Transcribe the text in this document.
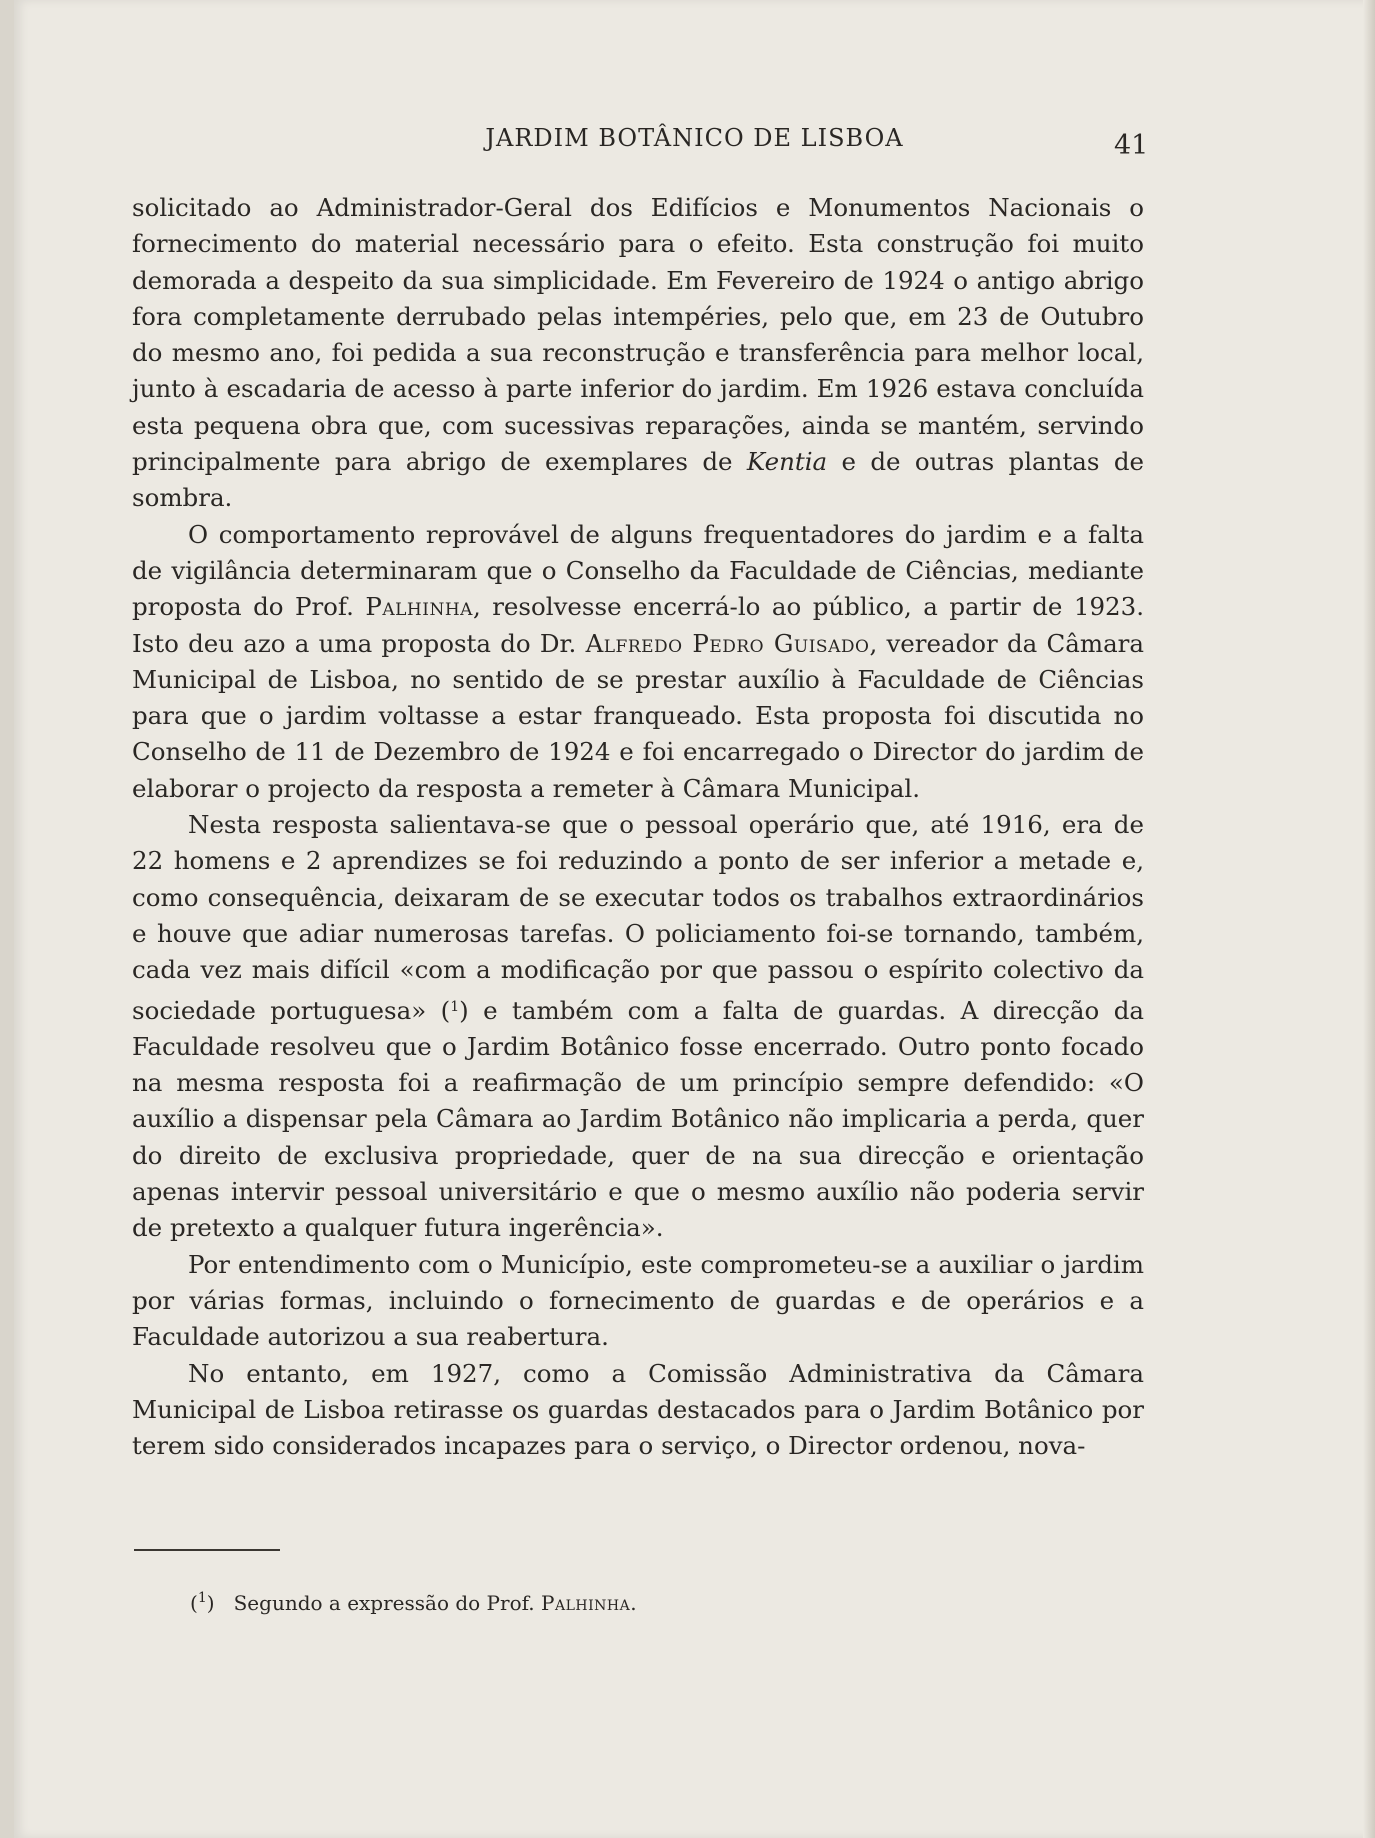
JARDIM BOTÂNICO DE LISBOA	41

solicitado ao Administrador-Geral dos Edifícios e Monumentos Nacionais o fornecimento do material necessário para o efeito. Esta construção foi muito demorada a despeito da sua simplicidade. Em Fevereiro de 1924 o antigo abrigo fora completamente derrubado pelas intempéries, pelo que, em 23 de Outubro do mesmo ano, foi pedida a sua reconstrução e transferência para melhor local, junto à escadaria de acesso à parte inferior do jardim. Em 1926 estava concluída esta pequena obra que, com sucessivas reparações, ainda se mantém, servindo principalmente para abrigo de exemplares de Kentia e de outras plantas de sombra.

O comportamento reprovável de alguns frequentadores do jardim e a falta de vigilância determinaram que o Conselho da Faculdade de Ciências, mediante proposta do Prof. Palhinha, resolvesse encerrá-lo ao público, a partir de 1923. Isto deu azo a uma proposta do Dr. Alfredo Pedro Guisado, vereador da Câmara Municipal de Lisboa, no sentido de se prestar auxílio à Faculdade de Ciências para que o jardim voltasse a estar franqueado. Esta proposta foi discutida no Conselho de 11 de Dezembro de 1924 e foi encarregado o Director do jardim de elaborar o projecto da resposta a remeter à Câmara Municipal.

Nesta resposta salientava-se que o pessoal operário que, até 1916, era de 22 homens e 2 aprendizes se foi reduzindo a ponto de ser inferior a metade e, como consequência, deixaram de se executar todos os trabalhos extraordinários e houve que adiar numerosas tarefas. O policiamento foi-se tornando, também, cada vez mais difícil «com a modificação por que passou o espírito colectivo da sociedade portuguesa» ($^1$) e também com a falta de guardas. A direcção da Faculdade resolveu que o Jardim Botânico fosse encerrado. Outro ponto focado na mesma resposta foi a reafirmação de um princípio sempre defendido: «O auxílio a dispensar pela Câmara ao Jardim Botânico não implicaria a perda, quer do direito de exclusiva propriedade, quer de na sua direcção e orientação apenas intervir pessoal universitário e que o mesmo auxílio não poderia servir de pretexto a qualquer futura ingerência».

Por entendimento com o Município, este comprometeu-se a auxiliar o jardim por várias formas, incluindo o fornecimento de guardas e de operários e a Faculdade autorizou a sua reabertura.

No entanto, em 1927, como a Comissão Administrativa da Câmara Municipal de Lisboa retirasse os guardas destacados para o Jardim Botânico por terem sido considerados incapazes para o serviço, o Director ordenou, nova-

($^1$)   Segundo a expressão do Prof. Palhinha.
